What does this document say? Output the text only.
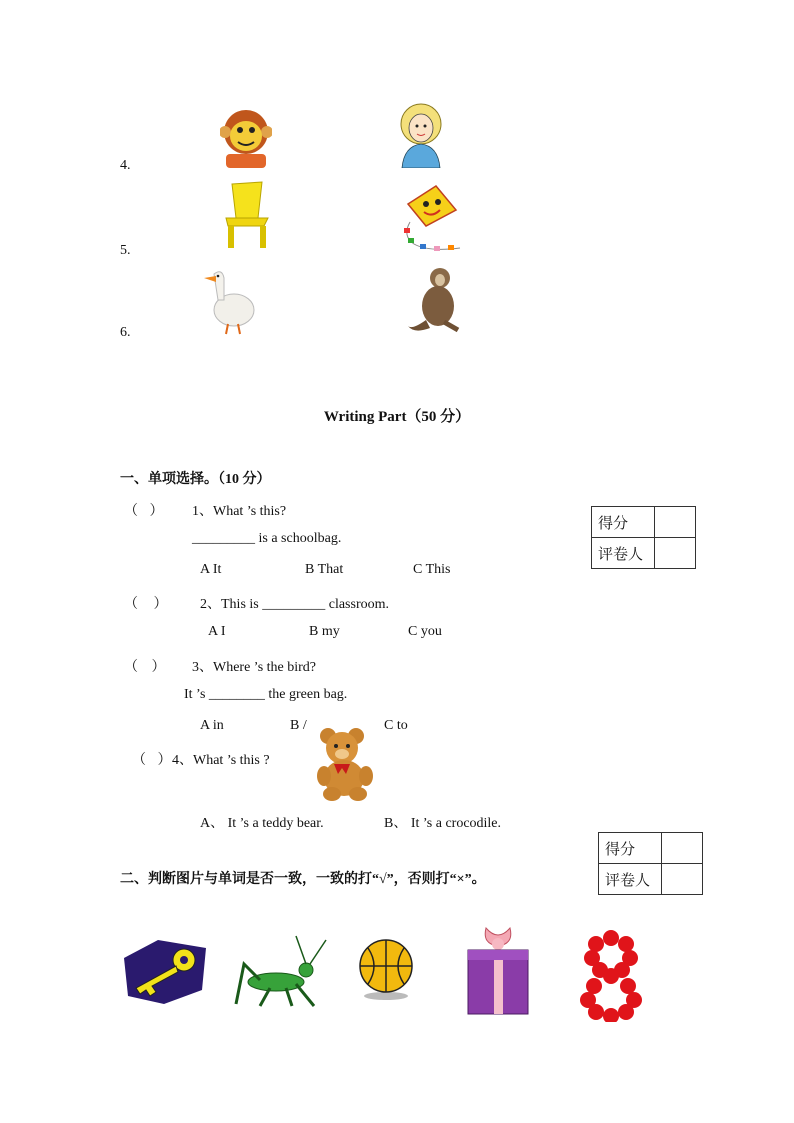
4.
5.
6.
Writing Part（50 分）
一、单项选择。（10 分）
得分	
评卷人	
（ ） 1、What ’s this?
_________ is a schoolbag.
A It	B That	C This
（ ） 2、This is _________ classroom.
A I	B my	C you
（ ） 3、Where ’s the bird?
It ’s ________ the green bag.
A in	B /	C to
（ ）
4、What ’s this ?
A、 It ’s a teddy bear.	B、 It ’s a crocodile.
得分	
评卷人	
二、判断图片与单词是否一致，一致的打“√”，否则打“×”。
